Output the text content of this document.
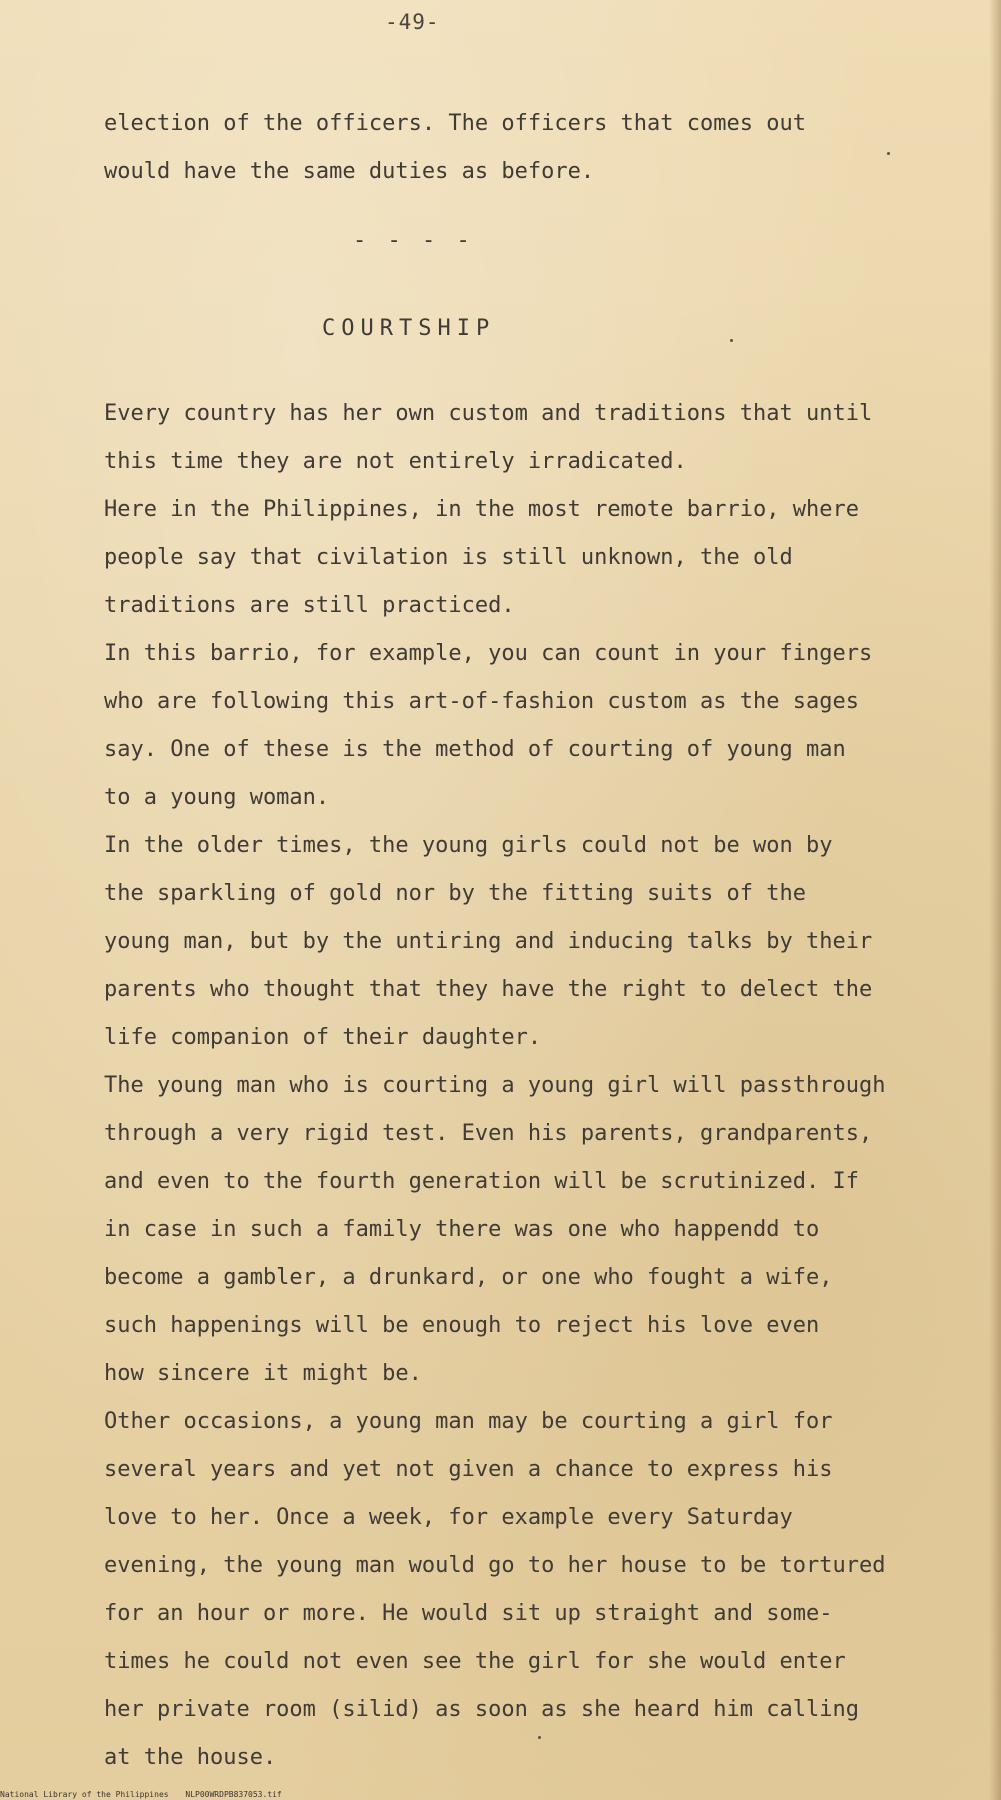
-49-
election of the officers. The officers that comes out
would have the same duties as before.
- - - -
COURTSHIP
Every country has her own custom and traditions that until
this time they are not entirely irradicated.
Here in the Philippines, in the most remote barrio, where
people say that civilation is still unknown, the old
traditions are still practiced.
In this barrio, for example, you can count in your fingers
who are following this art-of-fashion custom as the sages
say. One of these is the method of courting of young man
to a young woman.
In the older times, the young girls could not be won by
the sparkling of gold nor by the fitting suits of the
young man, but by the untiring and inducing talks by their
parents who thought that they have the right to delect the
life companion of their daughter.
The young man who is courting a young girl will passthrough
through a very rigid test. Even his parents, grandparents,
and even to the fourth generation will be scrutinized. If
in case in such a family there was one who happendd to
become a gambler, a drunkard, or one who fought a wife,
such happenings will be enough to reject his love even
how sincere it might be.
Other occasions, a young man may be courting a girl for
several years and yet not given a chance to express his
love to her. Once a week, for example every Saturday
evening, the young man would go to her house to be tortured
for an hour or more. He would sit up straight and some-
times he could not even see the girl for she would enter
her private room (silid) as soon as she heard him calling
at the house.
National Library of the Philippines NLP00WRDPB837053.tif
